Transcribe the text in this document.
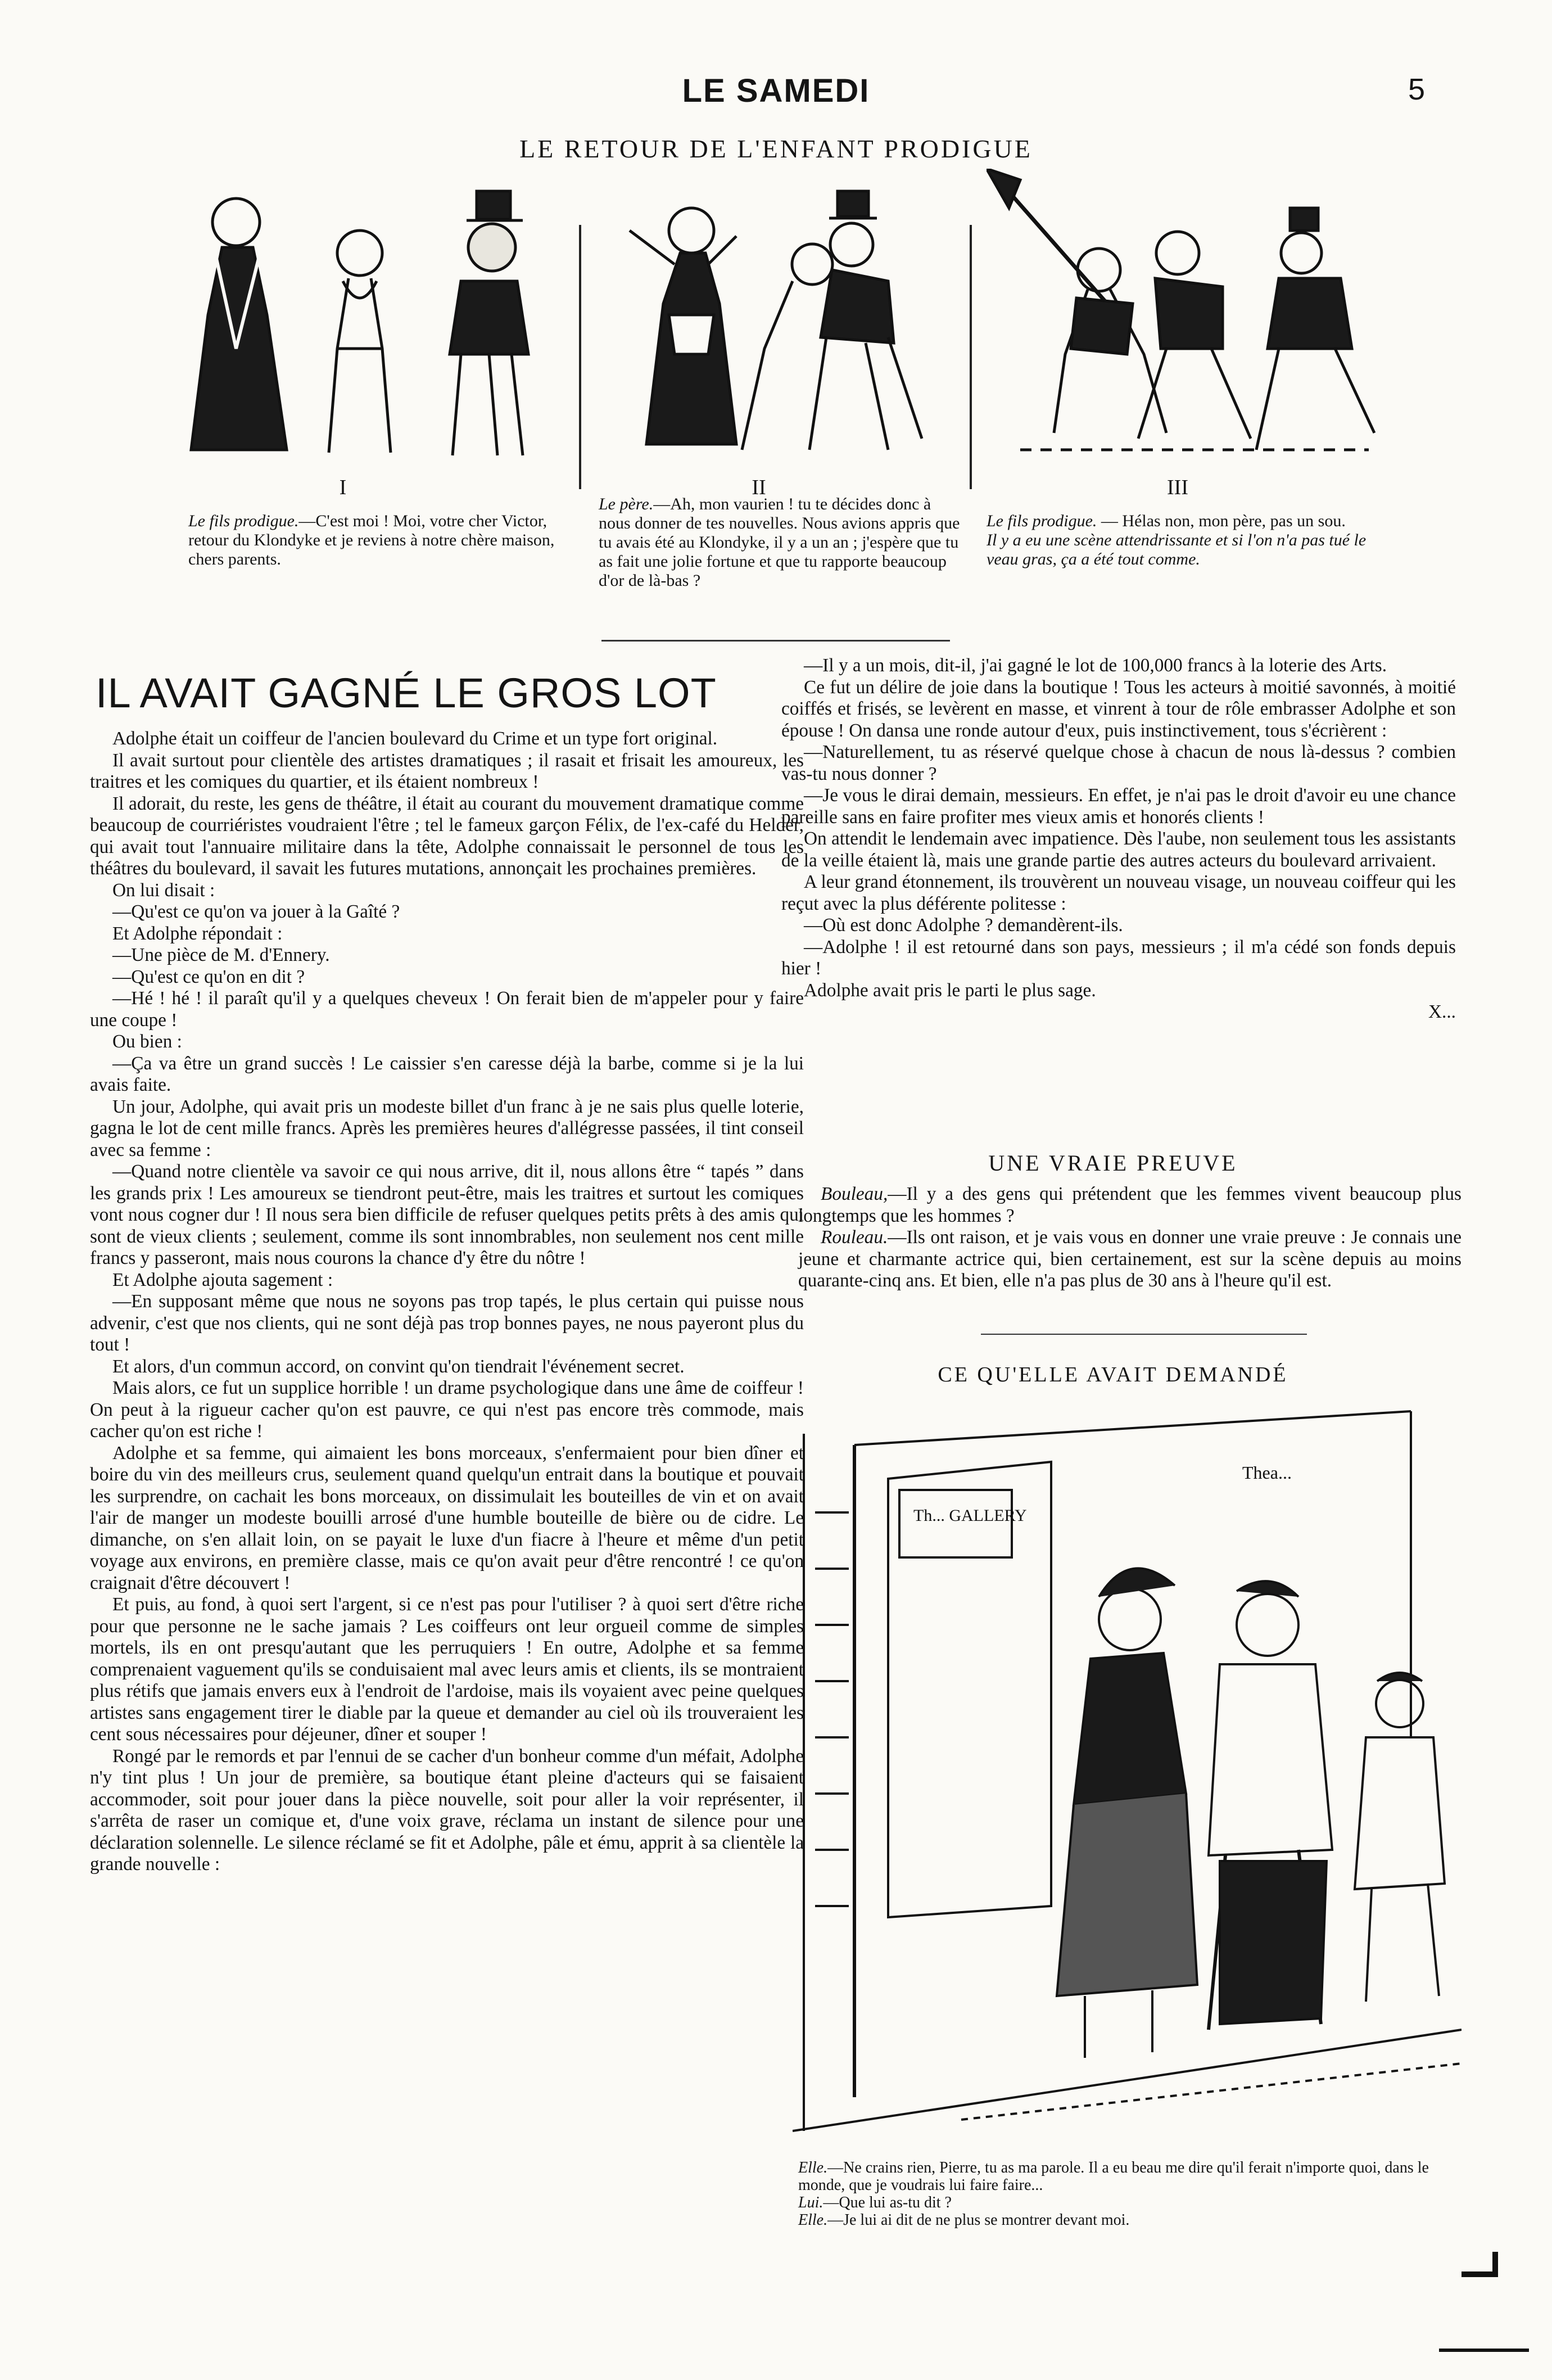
LE SAMEDI	5
LE RETOUR DE L'ENFANT PRODIGUE
I	II	III
Le fils prodigue.—C'est moi ! Moi, votre cher Victor, retour du Klondyke et je reviens à notre chère maison, chers parents.
Le père.—Ah, mon vaurien ! tu te décides donc à nous donner de tes nouvelles. Nous avions appris que tu avais été au Klondyke, il y a un an ; j'espère que tu as fait une jolie fortune et que tu rapporte beaucoup d'or de là-bas ?
Le fils prodigue. — Hélas non, mon père, pas un sou.
Il y a eu une scène attendrissante et si l'on n'a pas tué le veau gras, ça a été tout comme.
IL AVAIT GAGNÉ LE GROS LOT

Adolphe était un coiffeur de l'ancien boulevard du Crime et un type fort original.

Il avait surtout pour clientèle des artistes dramatiques ; il rasait et frisait les amoureux, les traitres et les comiques du quartier, et ils étaient nombreux !

Il adorait, du reste, les gens de théâtre, il était au courant du mouvement dramatique comme beaucoup de courriéristes voudraient l'être ; tel le fameux garçon Félix, de l'ex-café du Helder, qui avait tout l'annuaire militaire dans la tête, Adolphe connaissait le personnel de tous les théâtres du boulevard, il savait les futures mutations, annonçait les prochaines premières.

On lui disait :

—Qu'est ce qu'on va jouer à la Gaîté ?

Et Adolphe répondait :

—Une pièce de M. d'Ennery.

—Qu'est ce qu'on en dit ?

—Hé ! hé ! il paraît qu'il y a quelques cheveux ! On ferait bien de m'appeler pour y faire une coupe !

Ou bien :

—Ça va être un grand succès ! Le caissier s'en caresse déjà la barbe, comme si je la lui avais faite.

Un jour, Adolphe, qui avait pris un modeste billet d'un franc à je ne sais plus quelle loterie, gagna le lot de cent mille francs. Après les premières heures d'allégresse passées, il tint conseil avec sa femme :

—Quand notre clientèle va savoir ce qui nous arrive, dit il, nous allons être “ tapés ” dans les grands prix ! Les amoureux se tiendront peut-être, mais les traitres et surtout les comiques vont nous cogner dur ! Il nous sera bien difficile de refuser quelques petits prêts à des amis qui sont de vieux clients ; seulement, comme ils sont innombrables, non seulement nos cent mille francs y passeront, mais nous courons la chance d'y être du nôtre !

Et Adolphe ajouta sagement :

—En supposant même que nous ne soyons pas trop tapés, le plus certain qui puisse nous advenir, c'est que nos clients, qui ne sont déjà pas trop bonnes payes, ne nous payeront plus du tout !

Et alors, d'un commun accord, on convint qu'on tiendrait l'événement secret.

Mais alors, ce fut un supplice horrible ! un drame psychologique dans une âme de coiffeur ! On peut à la rigueur cacher qu'on est pauvre, ce qui n'est pas encore très commode, mais cacher qu'on est riche !

Adolphe et sa femme, qui aimaient les bons morceaux, s'enfermaient pour bien dîner et boire du vin des meilleurs crus, seulement quand quelqu'un entrait dans la boutique et pouvait les surprendre, on cachait les bons morceaux, on dissimulait les bouteilles de vin et on avait l'air de manger un modeste bouilli arrosé d'une humble bouteille de bière ou de cidre. Le dimanche, on s'en allait loin, on se payait le luxe d'un fiacre à l'heure et même d'un petit voyage aux environs, en première classe, mais ce qu'on avait peur d'être rencontré ! ce qu'on craignait d'être découvert !

Et puis, au fond, à quoi sert l'argent, si ce n'est pas pour l'utiliser ? à quoi sert d'être riche pour que personne ne le sache jamais ? Les coiffeurs ont leur orgueil comme de simples mortels, ils en ont presqu'autant que les perruquiers ! En outre, Adolphe et sa femme comprenaient vaguement qu'ils se conduisaient mal avec leurs amis et clients, ils se montraient plus rétifs que jamais envers eux à l'endroit de l'ardoise, mais ils voyaient avec peine quelques artistes sans engagement tirer le diable par la queue et demander au ciel où ils trouveraient les cent sous nécessaires pour déjeuner, dîner et souper !

Rongé par le remords et par l'ennui de se cacher d'un bonheur comme d'un méfait, Adolphe n'y tint plus ! Un jour de première, sa boutique étant pleine d'acteurs qui se faisaient accommoder, soit pour jouer dans la pièce nouvelle, soit pour aller la voir représenter, il s'arrêta de raser un comique et, d'une voix grave, réclama un instant de silence pour une déclaration solennelle. Le silence réclamé se fit et Adolphe, pâle et ému, apprit à sa clientèle la grande nouvelle :

—Il y a un mois, dit-il, j'ai gagné le lot de 100,000 francs à la loterie des Arts.

Ce fut un délire de joie dans la boutique ! Tous les acteurs à moitié savonnés, à moitié coiffés et frisés, se levèrent en masse, et vinrent à tour de rôle embrasser Adolphe et son épouse ! On dansa une ronde autour d'eux, puis instinctivement, tous s'écrièrent :

—Naturellement, tu as réservé quelque chose à chacun de nous là-dessus ? combien vas-tu nous donner ?

—Je vous le dirai demain, messieurs. En effet, je n'ai pas le droit d'avoir eu une chance pareille sans en faire profiter mes vieux amis et honorés clients !

On attendit le lendemain avec impatience. Dès l'aube, non seulement tous les assistants de la veille étaient là, mais une grande partie des autres acteurs du boulevard arrivaient.

A leur grand étonnement, ils trouvèrent un nouveau visage, un nouveau coiffeur qui les reçut avec la plus déférente politesse :

—Où est donc Adolphe ? demandèrent-ils.

—Adolphe ! il est retourné dans son pays, messieurs ; il m'a cédé son fonds depuis hier !

Adolphe avait pris le parti le plus sage.

X...

UNE VRAIE PREUVE

Bouleau,—Il y a des gens qui prétendent que les femmes vivent beaucoup plus longtemps que les hommes ?

Rouleau.—Ils ont raison, et je vais vous en donner une vraie preuve : Je connais une jeune et charmante actrice qui, bien certainement, est sur la scène depuis au moins quarante-cinq ans. Et bien, elle n'a pas plus de 30 ans à l'heure qu'il est.

CE QU'ELLE AVAIT DEMANDÉ
Th... GALLERY
Thea...
Elle.—Ne crains rien, Pierre, tu as ma parole. Il a eu beau me dire qu'il ferait n'importe quoi, dans le monde, que je voudrais lui faire faire...
Lui.—Que lui as-tu dit ?
Elle.—Je lui ai dit de ne plus se montrer devant moi.
